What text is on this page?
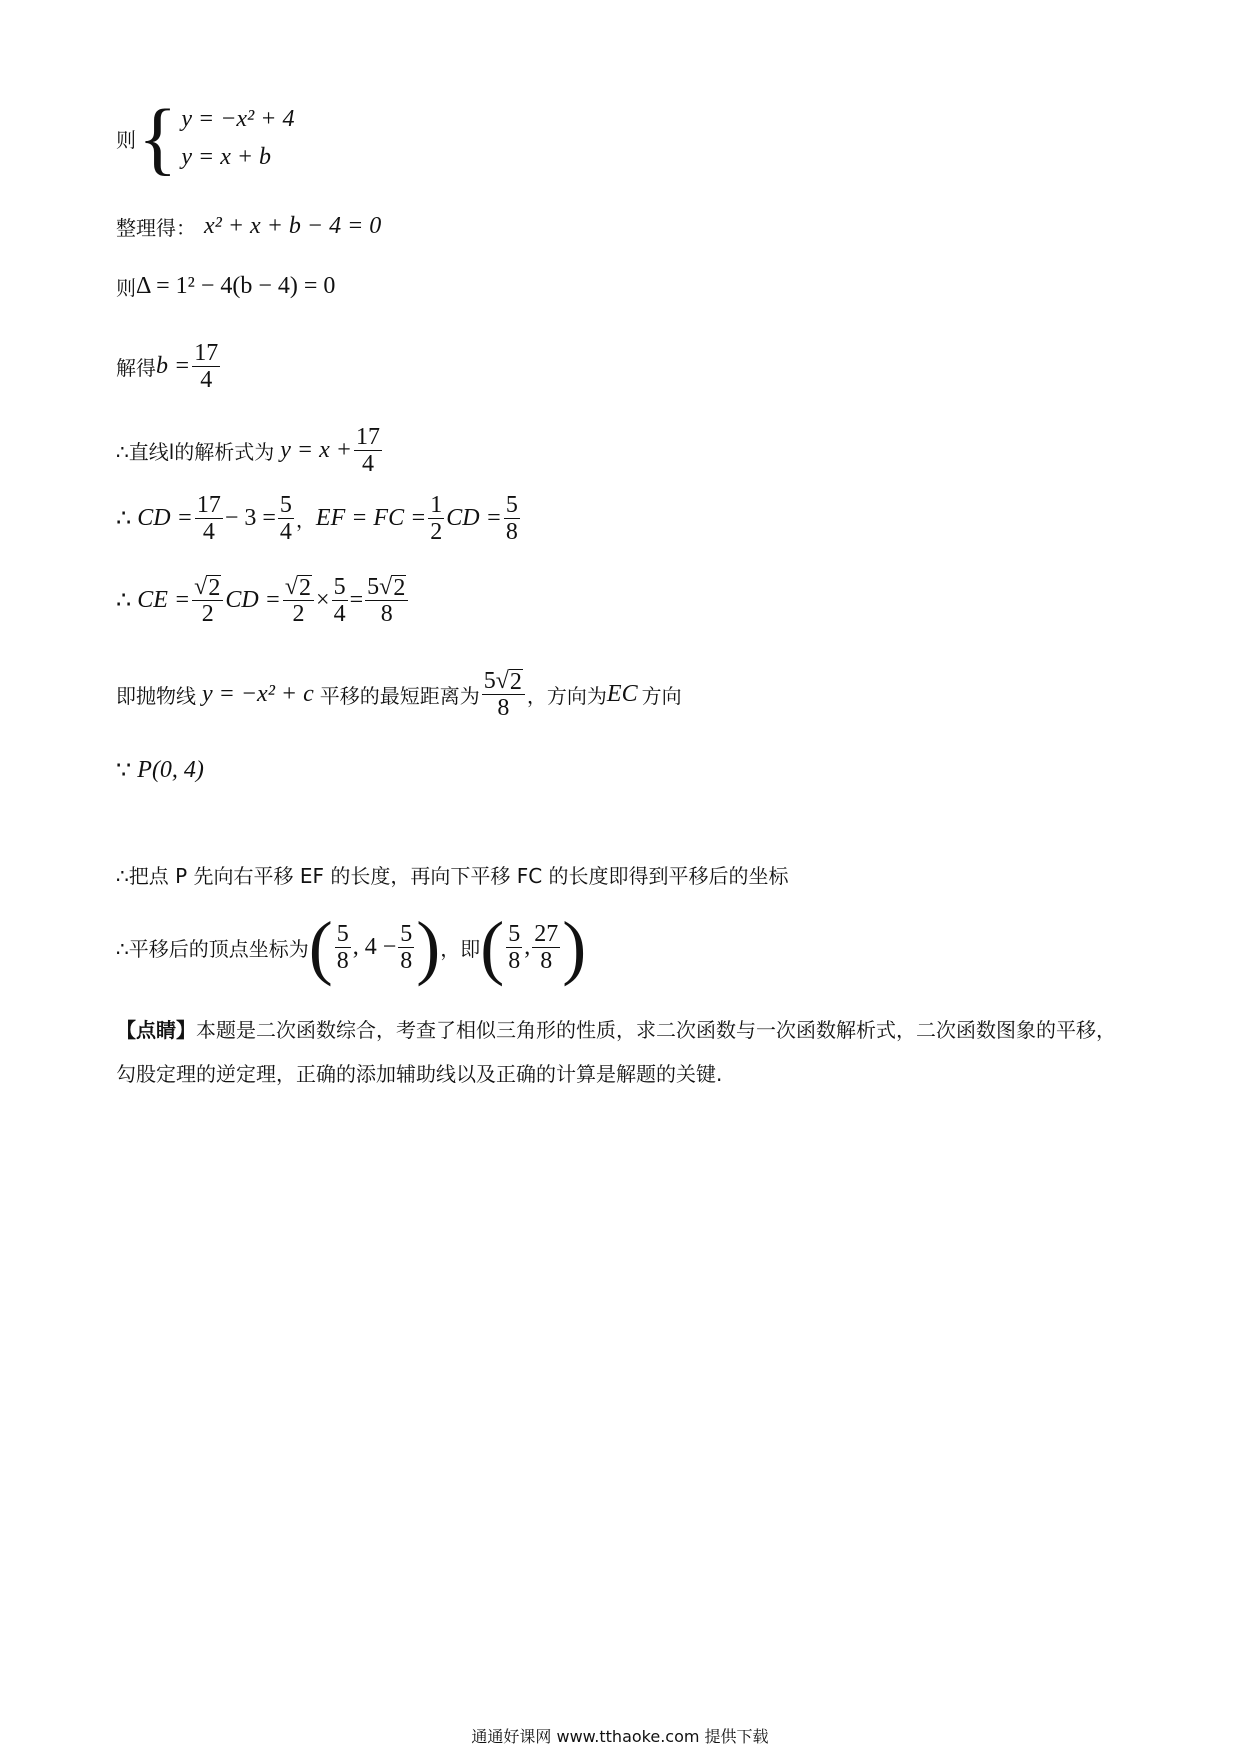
则 { y = −x² + 4
y = x + b
整理得： x² + x + b − 4 = 0
则 Δ = 1² − 4(b − 4) = 0
解得 $b = \frac{17}{4}$
∴直线l的解析式为 $y = x + \frac{17}{4}$
∴ CD = $\frac{17}{4} - 3 = \frac{5}{4}$ ， EF = FC = $\frac{1}{2}$ CD = $\frac{5}{8}$
∴ CE = $\frac{√ 2}{2}$ CD = $\frac{√ 2}{2} \times \frac{5}{4} = \frac{5 √ 2}{8}$
即抛物线 y = −x² + c 平移的最短距离为 $\frac{5 √ 2}{8}$ ，方向为 EC 方向
∵ P(0, 4)
∴把点 P 先向右平移 EF 的长度，再向下平移 FC 的长度即得到平移后的坐标
∴平移后的顶点坐标为 ( $\frac{5}{8}$ , $4 - \frac{5}{8}$ ) ，即 ( $\frac{5}{8}$ , $\frac{27}{8}$ )
【点睛】本题是二次函数综合，考查了相似三角形的性质，求二次函数与一次函数解析式，二次函数图象的平移，勾股定理的逆定理，正确的添加辅助线以及正确的计算是解题的关键.
通通好课网 www.tthaoke.com 提供下载
